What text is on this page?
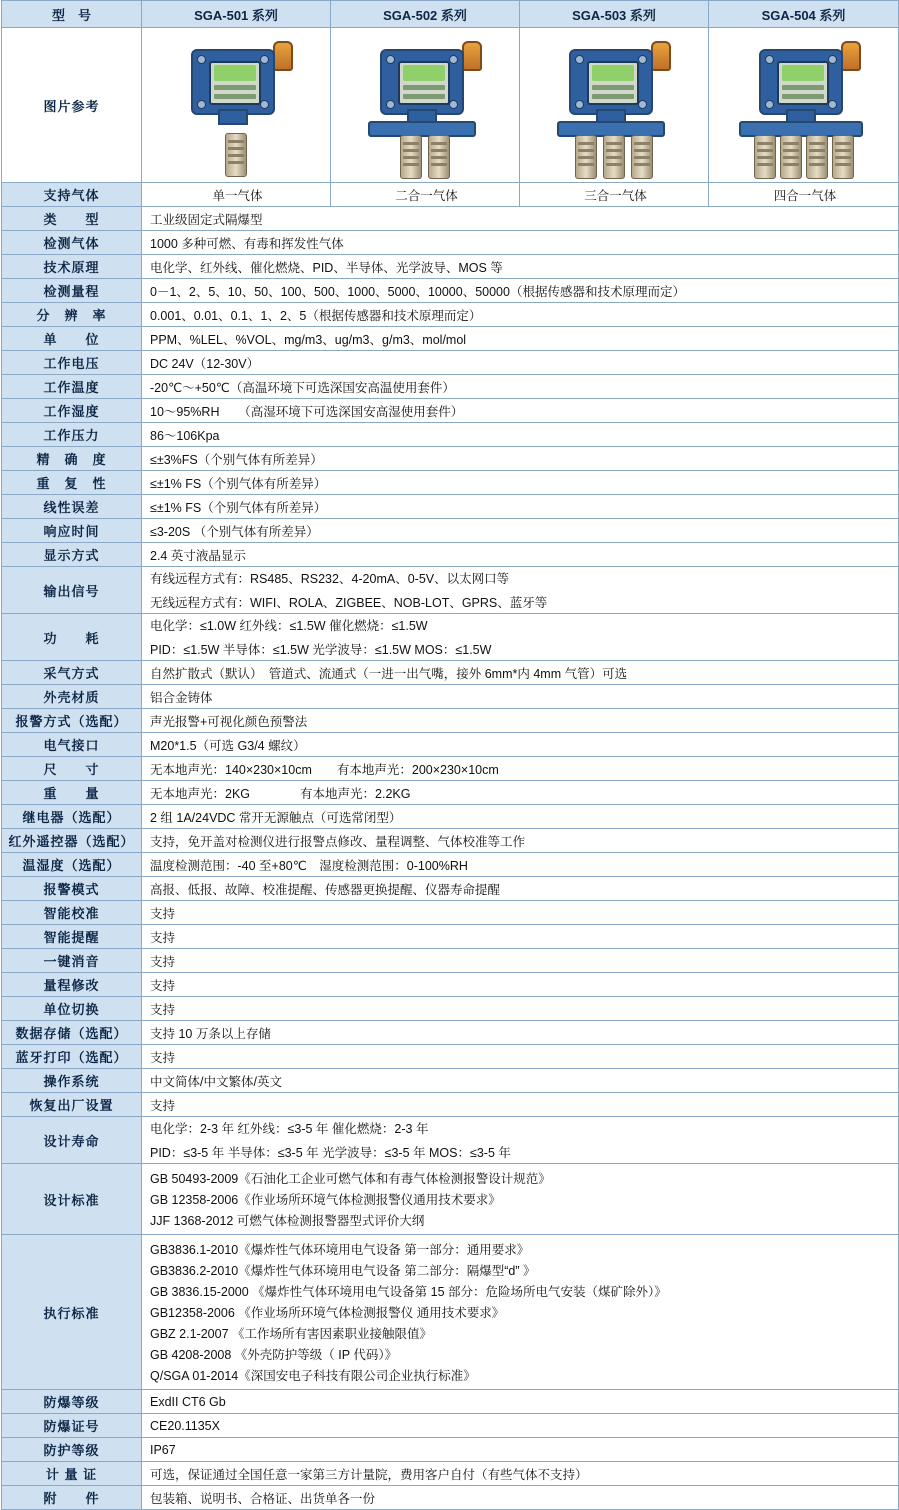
型　号	SGA-501 系列	SGA-502 系列	SGA-503 系列	SGA-504 系列
图片参考	

支持气体	单一气体	二合一气体	三合一气体	四合一气体
类　　型	工业级固定式隔爆型			
检测气体	1000 多种可燃、有毒和挥发性气体			
技术原理	电化学、红外线、催化燃烧、PID、半导体、光学波导、MOS 等			
检测量程	0－1、2、5、10、50、100、500、1000、5000、10000、50000（根据传感器和技术原理而定）			
分　辨　率	0.001、0.01、0.1、1、2、5（根据传感器和技术原理而定）			
单　　位	PPM、%LEL、%VOL、mg/m3、ug/m3、g/m3、mol/mol			
工作电压	DC 24V（12-30V）			
工作温度	-20℃～+50℃（高温环境下可选深国安高温使用套件）			
工作湿度	10～95%RH　　（高湿环境下可选深国安高湿使用套件）			
工作压力	86～106Kpa			
精　确　度	≤±3%FS（个别气体有所差异）			
重　复　性	≤±1% FS（个别气体有所差异）			
线性误差	≤±1% FS（个别气体有所差异）			
响应时间	≤3-20S （个别气体有所差异）			
显示方式	2.4 英寸液晶显示			
输出信号	有线远程方式有：RS485、RS232、4-20mA、0-5V、以太网口等
无线远程方式有：WIFI、ROLA、ZIGBEE、NOB-LOT、GPRS、蓝牙等			

功　　耗	电化学：≤1.0W 红外线：≤1.5W 催化燃烧：≤1.5W
PID：≤1.5W 半导体：≤1.5W 光学波导：≤1.5W MOS：≤1.5W			

采气方式	自然扩散式（默认）　管道式、流通式（一进一出气嘴，接外 6mm*内 4mm 气管）可选			
外壳材质	铝合金铸体			
报警方式（选配）	声光报警+可视化颜色预警法			
电气接口	M20*1.5（可选 G3/4 螺纹）			
尺　　寸	无本地声光：140×230×10cm　　有本地声光：200×230×10cm			
重　　量	无本地声光：2KG　　　　有本地声光：2.2KG			
继电器（选配）	2 组 1A/24VDC 常开无源触点（可选常闭型）			
红外遥控器（选配）	支持，免开盖对检测仪进行报警点修改、量程调整、气体校准等工作			
温湿度（选配）	温度检测范围：-40 至+80℃　湿度检测范围：0-100%RH			
报警模式	高报、低报、故障、校准提醒、传感器更换提醒、仪器寿命提醒			
智能校准	支持			
智能提醒	支持			
一键消音	支持			
量程修改	支持			
单位切换	支持			
数据存储（选配）	支持 10 万条以上存储			
蓝牙打印（选配）	支持			
操作系统	中文简体/中文繁体/英文			
恢复出厂设置	支持			
设计寿命	电化学：2-3 年 红外线：≤3-5 年 催化燃烧：2-3 年
PID：≤3-5 年 半导体：≤3-5 年 光学波导：≤3-5 年 MOS：≤3-5 年			

设计标准	GB 50493-2009《石油化工企业可燃气体和有毒气体检测报警设计规范》
GB 12358-2006《作业场所环境气体检测报警仪通用技术要求》
JJF 1368-2012 可燃气体检测报警器型式评价大纲			

执行标准	
GB3836.1-2010《爆炸性气体环境用电气设备 第一部分：通用要求》
GB3836.2-2010《爆炸性气体环境用电气设备 第二部分：隔爆型“d” 》
GB 3836.15-2000 《爆炸性气体环境用电气设备第 15 部分：危险场所电气安装（煤矿除外）》
GB12358-2006 《作业场所环境气体检测报警仪 通用技术要求》
GBZ 2.1-2007 《工作场所有害因素职业接触限值》
GB 4208-2008 《外壳防护等级（ IP 代码）》
Q/SGA 01-2014《深国安电子科技有限公司企业执行标准》

防爆等级	ExdII CT6 Gb			
防爆证号	CE20.1135X			
防护等级	IP67			
计 量 证	可选，保证通过全国任意一家第三方计量院，费用客户自付（有些气体不支持）			
附　　件	包装箱、说明书、合格证、出货单各一份			
